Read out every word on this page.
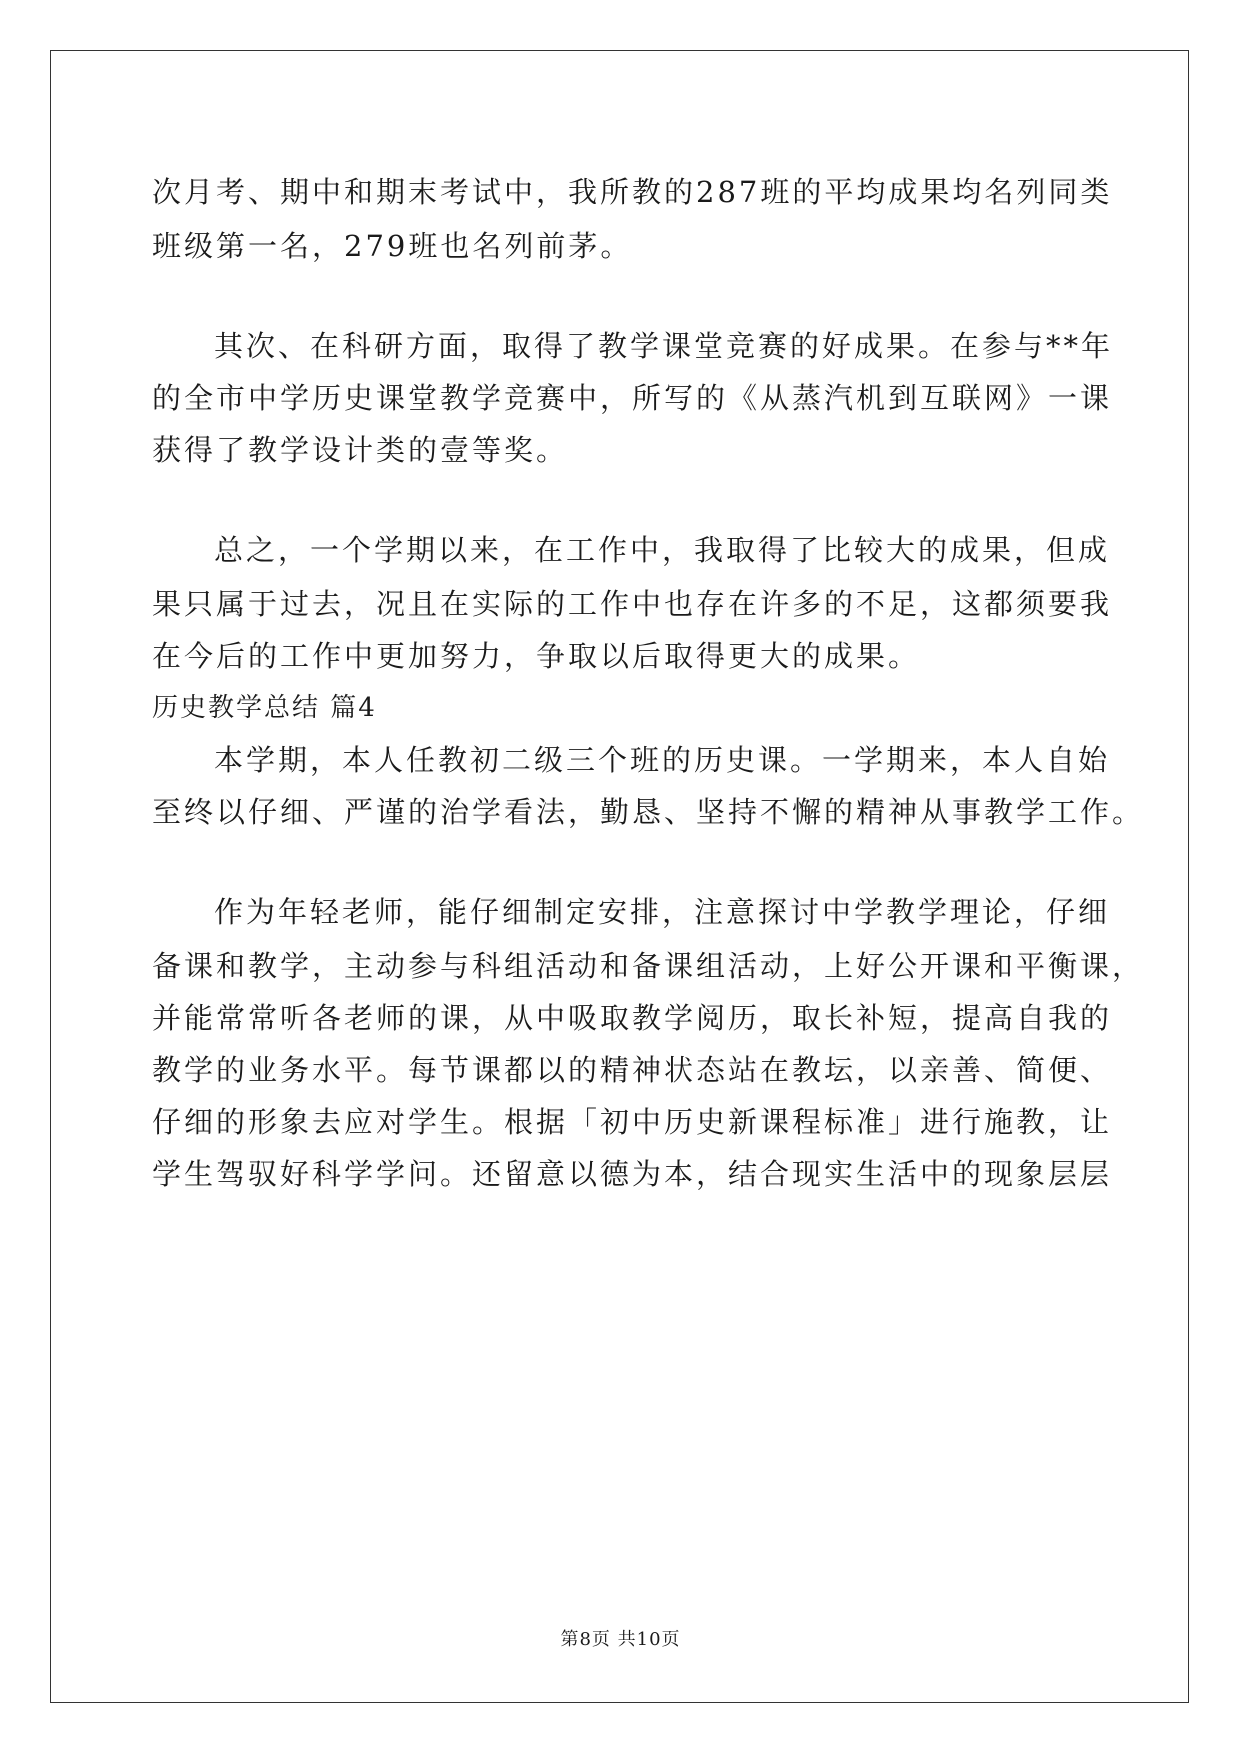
次月考、期中和期末考试中，我所教的287班的平均成果均名列同类
班级第一名，279班也名列前茅。
其次、在科研方面，取得了教学课堂竞赛的好成果。在参与**年
的全市中学历史课堂教学竞赛中，所写的《从蒸汽机到互联网》一课
获得了教学设计类的壹等奖。
总之，一个学期以来，在工作中，我取得了比较大的成果，但成
果只属于过去，况且在实际的工作中也存在许多的不足，这都须要我
在今后的工作中更加努力，争取以后取得更大的成果。
历史教学总结 篇4
本学期，本人任教初二级三个班的历史课。一学期来，本人自始
至终以仔细、严谨的治学看法，勤恳、坚持不懈的精神从事教学工作。
作为年轻老师，能仔细制定安排，注意探讨中学教学理论，仔细
备课和教学，主动参与科组活动和备课组活动，上好公开课和平衡课，
并能常常听各老师的课，从中吸取教学阅历，取长补短，提高自我的
教学的业务水平。每节课都以的精神状态站在教坛，以亲善、简便、
仔细的形象去应对学生。根据「初中历史新课程标准」进行施教，让
学生驾驭好科学学问。还留意以德为本，结合现实生活中的现象层层
第8页 共10页
